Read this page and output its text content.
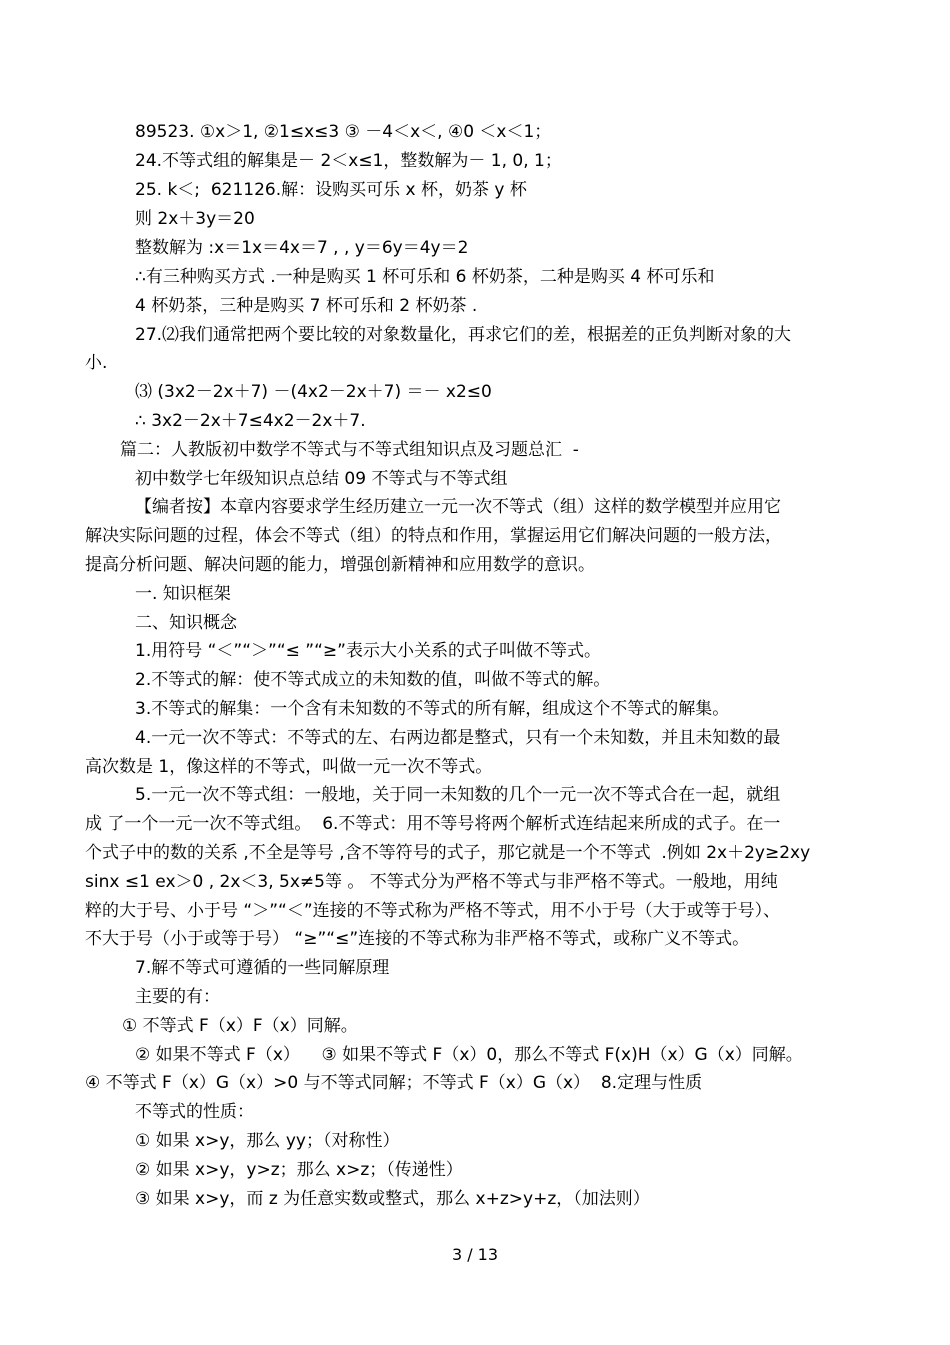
89523. ①x＞1, ②1≤x≤3 ③ －4＜x＜, ④0 ＜x＜1；
24.不等式组的解集是－ 2＜x≤1，整数解为－ 1, 0, 1；
25. k＜;  621126.解：设购买可乐 x 杯，奶茶 y 杯
则 2x＋3y＝20
整数解为 :x＝1x＝4x＝7 , , y＝6y＝4y＝2
∴有三种购买方式 .一种是购买 1 杯可乐和 6 杯奶茶，二种是购买 4 杯可乐和
4 杯奶茶，三种是购买 7 杯可乐和 2 杯奶茶 .
27.⑵我们通常把两个要比较的对象数量化，再求它们的差，根据差的正负判断对象的大
小.
⑶ (3x2－2x＋7) －(4x2－2x＋7) ＝－ x2≤0
∴ 3x2－2x＋7≤4x2－2x＋7.
篇二：人教版初中数学不等式与不等式组知识点及习题总汇  -
初中数学七年级知识点总结 09 不等式与不等式组
【编者按】本章内容要求学生经历建立一元一次不等式（组）这样的数学模型并应用它
解决实际问题的过程，体会不等式（组）的特点和作用，掌握运用它们解决问题的一般方法，
提高分析问题、解决问题的能力，增强创新精神和应用数学的意识。
一. 知识框架
二、知识概念
1.用符号 “＜”“＞”“≤ ”“≥”表示大小关系的式子叫做不等式。
2.不等式的解：使不等式成立的未知数的值，叫做不等式的解。
3.不等式的解集：一个含有未知数的不等式的所有解，组成这个不等式的解集。
4.一元一次不等式：不等式的左、右两边都是整式，只有一个未知数，并且未知数的最
高次数是 1，像这样的不等式，叫做一元一次不等式。
5.一元一次不等式组：一般地，关于同一未知数的几个一元一次不等式合在一起，就组
成 了一个一元一次不等式组。  6.不等式：用不等号将两个解析式连结起来所成的式子。在一
个式子中的数的关系 ,不全是等号 ,含不等符号的式子，那它就是一个不等式  .例如 2x＋2y≥2xy
sinx ≤1 ex＞0 , 2x＜3, 5x≠5等 。 不等式分为严格不等式与非严格不等式。一般地，用纯
粹的大于号、小于号 “＞”“＜”连接的不等式称为严格不等式，用不小于号（大于或等于号）、
不大于号（小于或等于号） “≥”“≤”连接的不等式称为非严格不等式，或称广义不等式。
7.解不等式可遵循的一些同解原理
主要的有：
① 不等式 F（x）F（x）同解。
② 如果不等式 F（x）    ③ 如果不等式 F（x）0，那么不等式 F(x)H（x）G（x）同解。
④ 不等式 F（x）G（x）>0 与不等式同解；不等式 F（x）G（x）  8.定理与性质
不等式的性质：
① 如果 x>y，那么 yy；（对称性）
② 如果 x>y，y>z；那么 x>z；（传递性）
③ 如果 x>y，而 z 为任意实数或整式，那么 x+z>y+z，（加法则）
3 / 13
